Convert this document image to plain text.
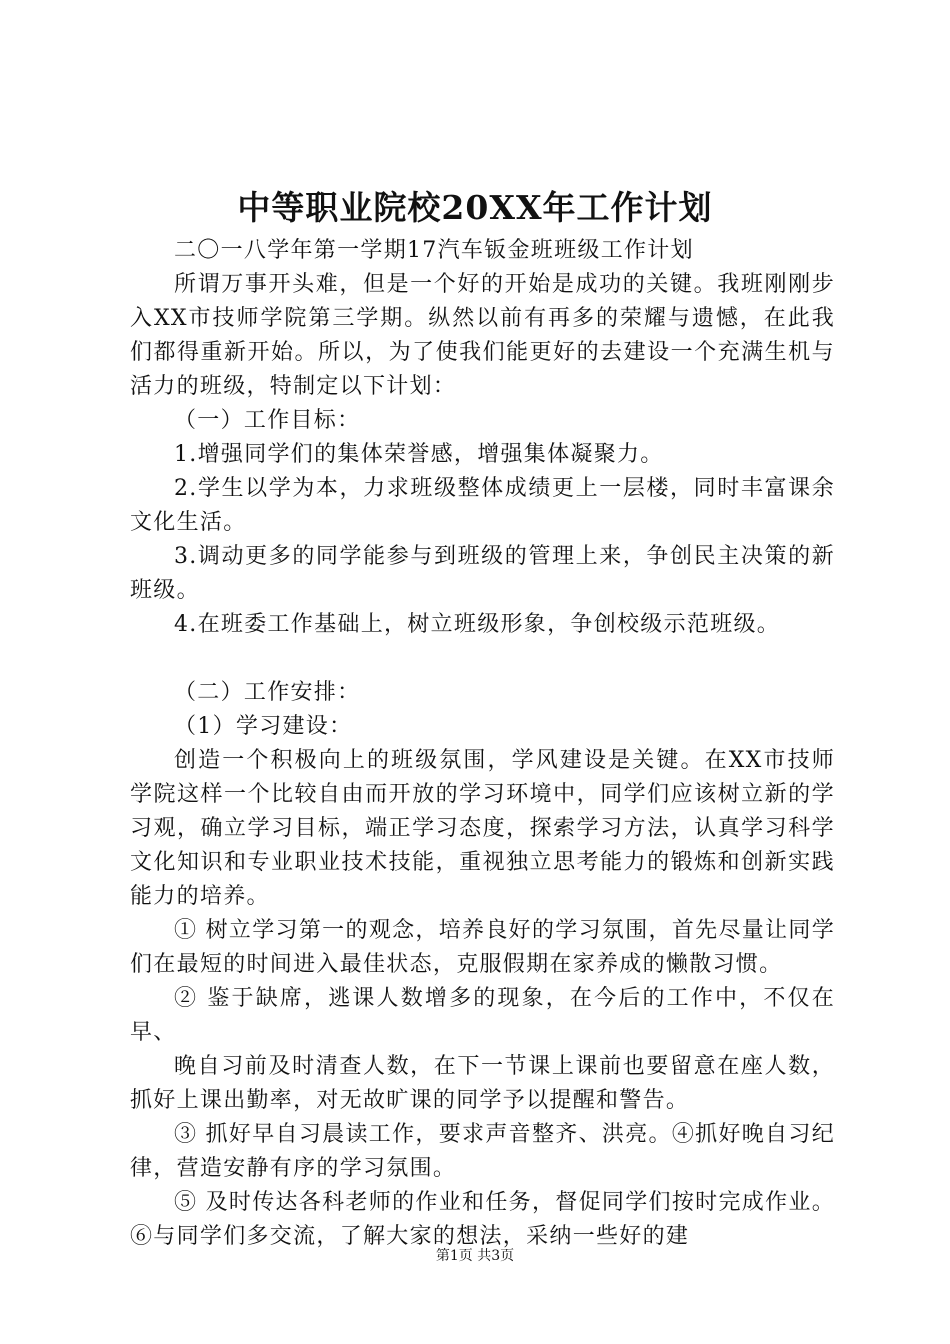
中等职业院校20XX年工作计划

二〇一八学年第一学期17汽车钣金班班级工作计划

所谓万事开头难，但是一个好的开始是成功的关键。我班刚刚步入XX市技师学院第三学期。纵然以前有再多的荣耀与遗憾，在此我们都得重新开始。所以，为了使我们能更好的去建设一个充满生机与活力的班级，特制定以下计划：

（一）工作目标：

1.增强同学们的集体荣誉感，增强集体凝聚力。

2.学生以学为本，力求班级整体成绩更上一层楼，同时丰富课余文化生活。

3.调动更多的同学能参与到班级的管理上来，争创民主决策的新班级。

4.在班委工作基础上，树立班级形象，争创校级示范班级。

（二）工作安排：

（1）学习建设：

创造一个积极向上的班级氛围，学风建设是关键。在XX市技师学院这样一个比较自由而开放的学习环境中，同学们应该树立新的学习观，确立学习目标，端正学习态度，探索学习方法，认真学习科学文化知识和专业职业技术技能，重视独立思考能力的锻炼和创新实践能力的培养。

① 树立学习第一的观念，培养良好的学习氛围，首先尽量让同学们在最短的时间进入最佳状态，克服假期在家养成的懒散习惯。

② 鉴于缺席，逃课人数增多的现象，在今后的工作中，不仅在早、

晚自习前及时清查人数，在下一节课上课前也要留意在座人数，抓好上课出勤率，对无故旷课的同学予以提醒和警告。

③ 抓好早自习晨读工作，要求声音整齐、洪亮。④抓好晚自习纪律，营造安静有序的学习氛围。

⑤ 及时传达各科老师的作业和任务，督促同学们按时完成作业。⑥与同学们多交流，了解大家的想法，采纳一些好的建

第1页 共3页
